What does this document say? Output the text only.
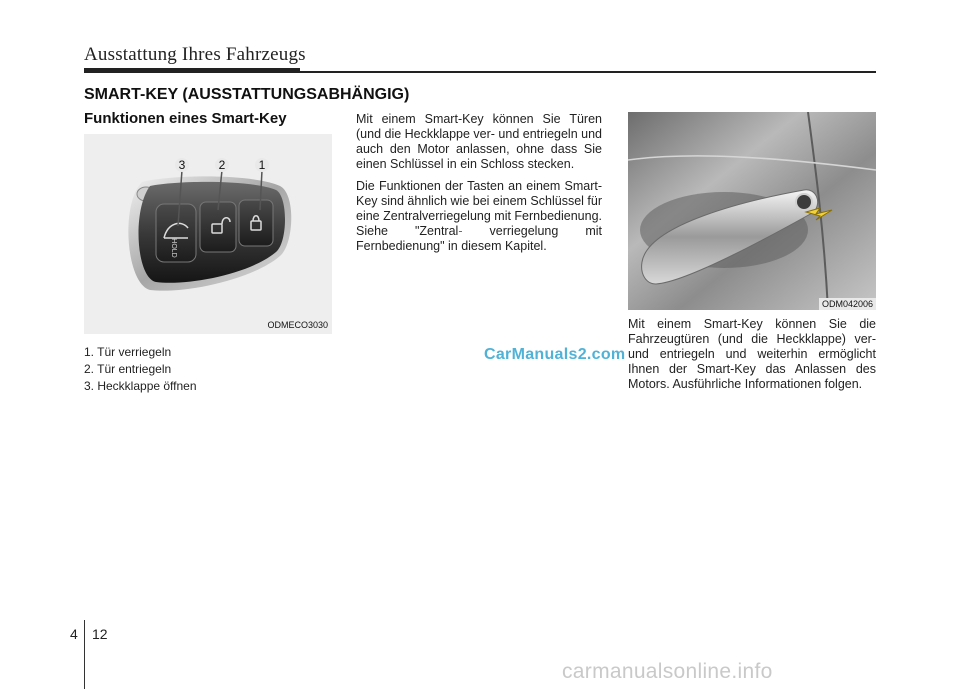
Ausstattung Ihres Fahrzeugs
SMART-KEY (AUSSTATTUNGSABHÄNGIG)
Funktionen eines Smart-Key
HOLD
3	2	1
ODMECO3030
1. Tür verriegeln
2. Tür entriegeln
3. Heckklappe öffnen

Mit einem Smart-Key können Sie Türen (und die Heckklappe ver- und entriegeln und auch den Motor anlassen, ohne dass Sie einen Schlüssel in ein Schloss stecken.

Die Funktionen der Tasten an einem Smart-Key sind ähnlich wie bei einem Schlüssel für eine Zentralverriegelung mit Fernbedienung. Siehe "Zentral- verriegelung mit Fernbedienung" in diesem Kapitel.

ODM042006

Mit einem Smart-Key können Sie die Fahrzeugtüren (und die Heckklappe) ver- und entriegeln und weiterhin ermöglicht Ihnen der Smart-Key das Anlassen des Motors. Ausführliche Informationen folgen.

CarManuals2.com
carmanualsonline.info
4 12
